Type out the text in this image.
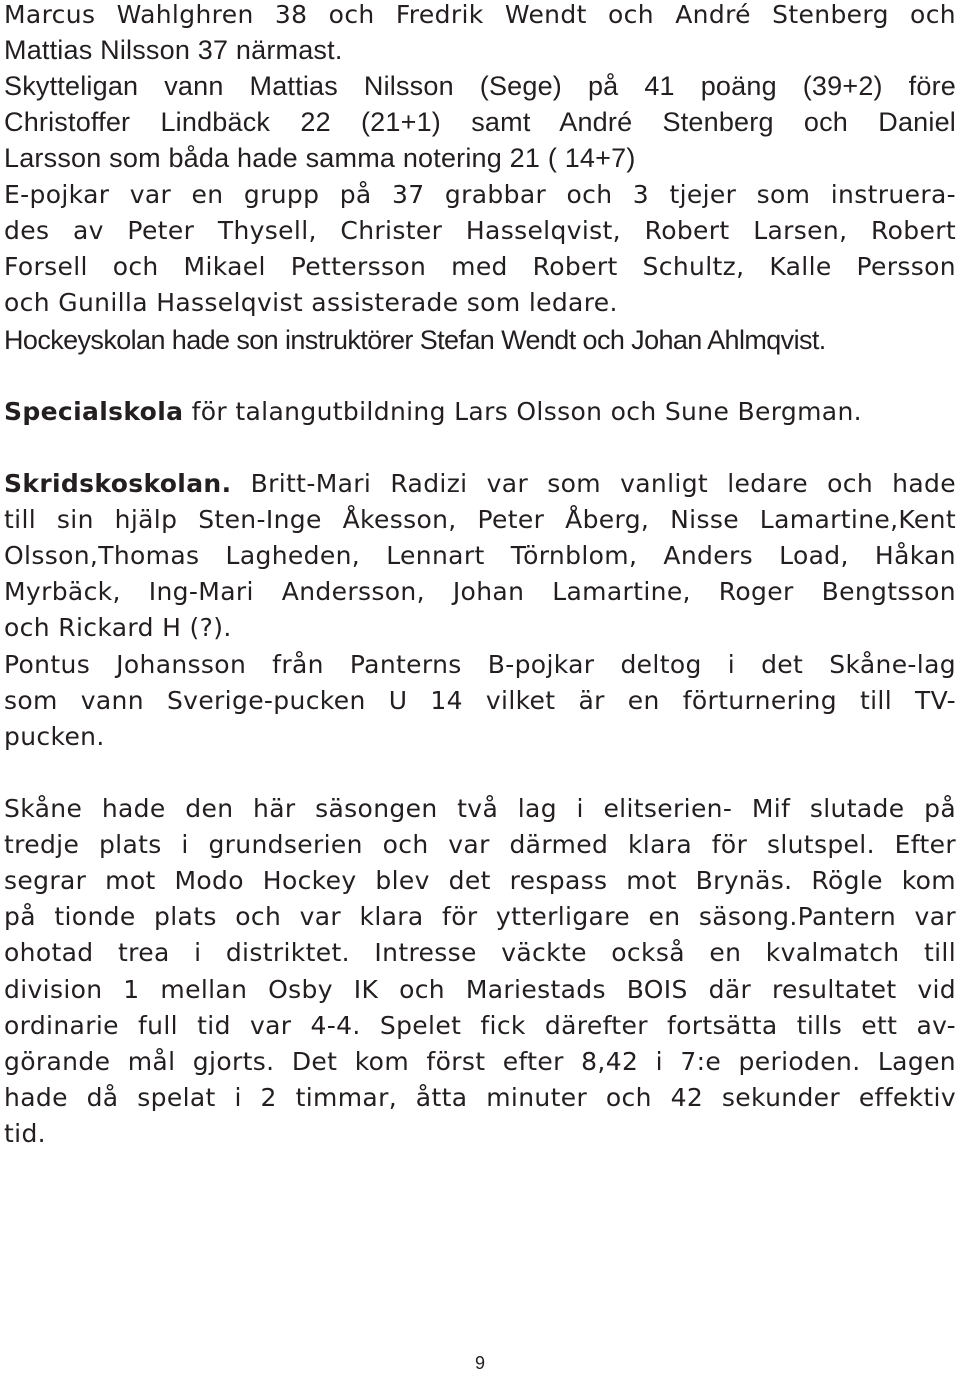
Marcus Wahlghren 38 och Fredrik Wendt och André Stenberg och
Mattias Nilsson 37 närmast.
Skytteligan vann Mattias Nilsson (Sege) på 41 poäng (39+2) före
Christoffer Lindbäck 22 (21+1) samt André Stenberg och Daniel
Larsson som båda hade samma notering 21 ( 14+7)
E-pojkar var en grupp på 37 grabbar och 3 tjejer som instruera-
des av Peter Thysell, Christer Hasselqvist, Robert Larsen, Robert
Forsell och Mikael Pettersson med Robert Schultz, Kalle Persson
och Gunilla Hasselqvist assisterade som ledare.
Hockeyskolan hade son instruktörer Stefan Wendt och Johan Ahlmqvist.
Specialskola för talangutbildning Lars Olsson och Sune Bergman.
Skridskoskolan. Britt-Mari Radizi var som vanligt ledare och hade
till sin hjälp Sten-Inge Åkesson, Peter Åberg, Nisse Lamartine,Kent
Olsson,Thomas Lagheden, Lennart Törnblom, Anders Load, Håkan
Myrbäck, Ing-Mari Andersson, Johan Lamartine, Roger Bengtsson
och Rickard H (?).
Pontus Johansson från Panterns B-pojkar deltog i det Skåne-lag
som vann Sverige-pucken U 14 vilket är en förturnering till TV-
pucken.
Skåne hade den här säsongen två lag i elitserien- Mif slutade på
tredje plats i grundserien och var därmed klara för slutspel. Efter
segrar mot Modo Hockey blev det respass mot Brynäs. Rögle kom
på tionde plats och var klara för ytterligare en säsong.Pantern var
ohotad trea i distriktet. Intresse väckte också en kvalmatch till
division 1 mellan Osby IK och Mariestads BOIS där resultatet vid
ordinarie full tid var 4-4. Spelet fick därefter fortsätta tills ett av-
görande mål gjorts. Det kom först efter 8,42 i 7:e perioden. Lagen
hade då spelat i 2 timmar, åtta minuter och 42 sekunder effektiv
tid.
9
